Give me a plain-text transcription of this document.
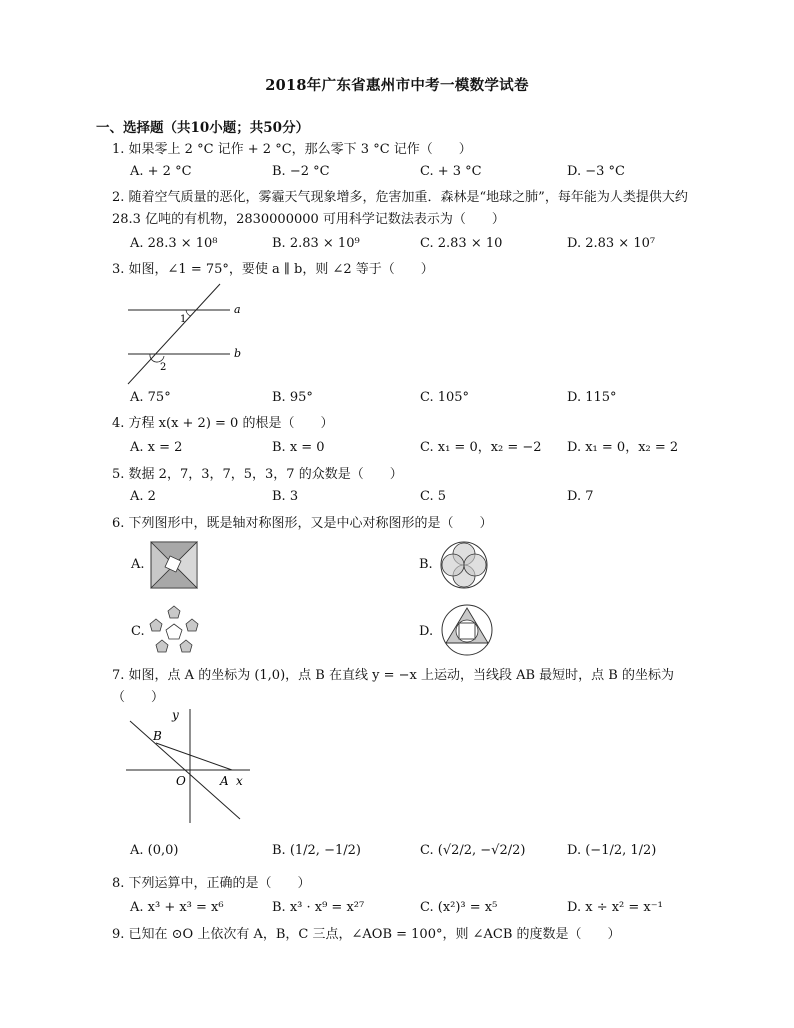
2018年广东省惠州市中考一模数学试卷
一、选择题（共10小题；共50分）
1. 如果零上 2 °C 记作 + 2 °C，那么零下 3 °C 记作（　　）
A. + 2 °C	B. −2 °C	C. + 3 °C	D. −3 °C
2. 随着空气质量的恶化，雾霾天气现象增多，危害加重．森林是“地球之肺”，每年能为人类提供大约 28.3 亿吨的有机物，2830000000 可用科学记数法表示为（　　）
A. 28.3 × 10⁸	B. 2.83 × 10⁹	C. 2.83 × 10	D. 2.83 × 10⁷
3. 如图，∠1 = 75°，要使 a ∥ b，则 ∠2 等于（　　）
a
b
1
2
A. 75°	B. 95°	C. 105°	D. 115°
4. 方程 x(x + 2) = 0 的根是（　　）
A. x = 2	B. x = 0	C. x₁ = 0，x₂ = −2 D. x₁ = 0，x₂ = 2
5. 数据 2，7，3，7，5，3，7 的众数是（　　）
A. 2	B. 3	C. 5	D. 7
6. 下列图形中，既是轴对称图形，又是中心对称图形的是（　　）
A.	B.
C.	D.
7. 如图，点 A 的坐标为 (1,0)，点 B 在直线 y = −x 上运动，当线段 AB 最短时，点 B 的坐标为（　　）
y
x
B
O	A
A. (0,0)	B. (1/2, −1/2)	C. (√2/2, −√2/2)	D. (−1/2, 1/2)
8. 下列运算中，正确的是（　　）
A. x³ + x³ = x⁶	B. x³ · x⁹ = x²⁷	C. (x²)³ = x⁵	D. x ÷ x² = x⁻¹
9. 已知在 ⊙O 上依次有 A，B，C 三点，∠AOB = 100°，则 ∠ACB 的度数是（　　）
